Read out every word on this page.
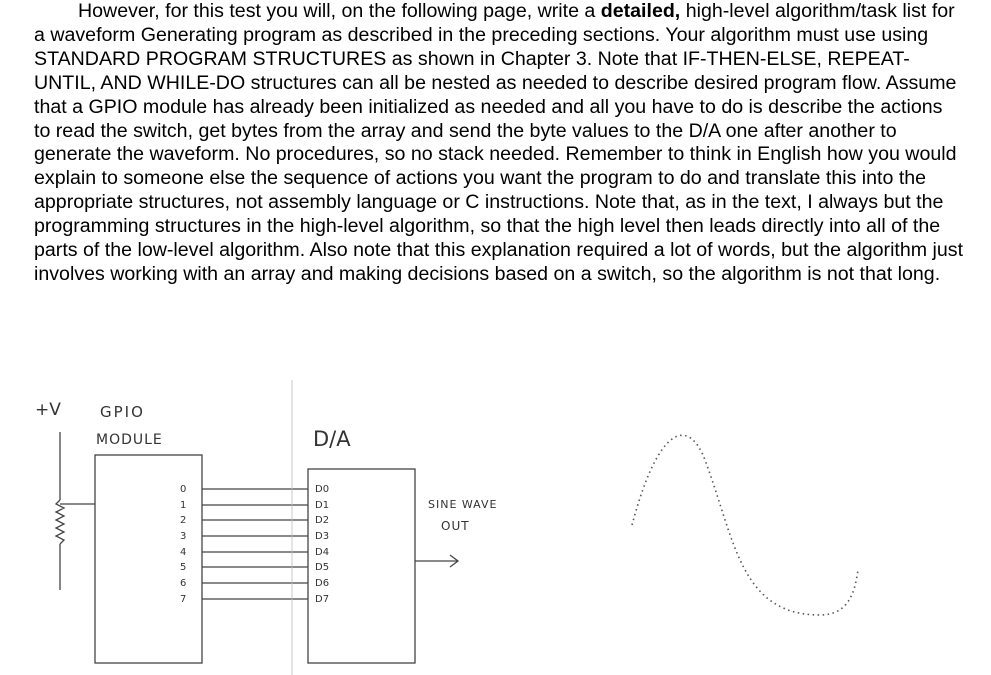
However, for this test you will, on the following page, write a detailed, high-level algorithm/task list for a waveform Generating program as described in the preceding sections. Your algorithm must use using STANDARD PROGRAM STRUCTURES as shown in Chapter 3. Note that IF-THEN-ELSE, REPEAT-UNTIL, AND WHILE-DO structures can all be nested as needed to describe desired program flow. Assume that a GPIO module has already been initialized as needed and all you have to do is describe the actions to read the switch, get bytes from the array and send the byte values to the D/A one after another to generate the waveform. No procedures, so no stack needed. Remember to think in English how you would explain to someone else the sequence of actions you want the program to do and translate this into the appropriate structures, not assembly language or C instructions. Note that, as in the text, I always but the programming structures in the high-level algorithm, so that the high level then leads directly into all of the parts of the low-level algorithm. Also note that this explanation required a lot of words, but the algorithm just involves working with an array and making decisions based on a switch, so the algorithm is not that long.

+V	GPIO
MODULE	D/A
SINE WAVE
OUT
0
1
2
3
4
5
6
7
D0
D1
D2
D3
D4
D5
D6
D7
